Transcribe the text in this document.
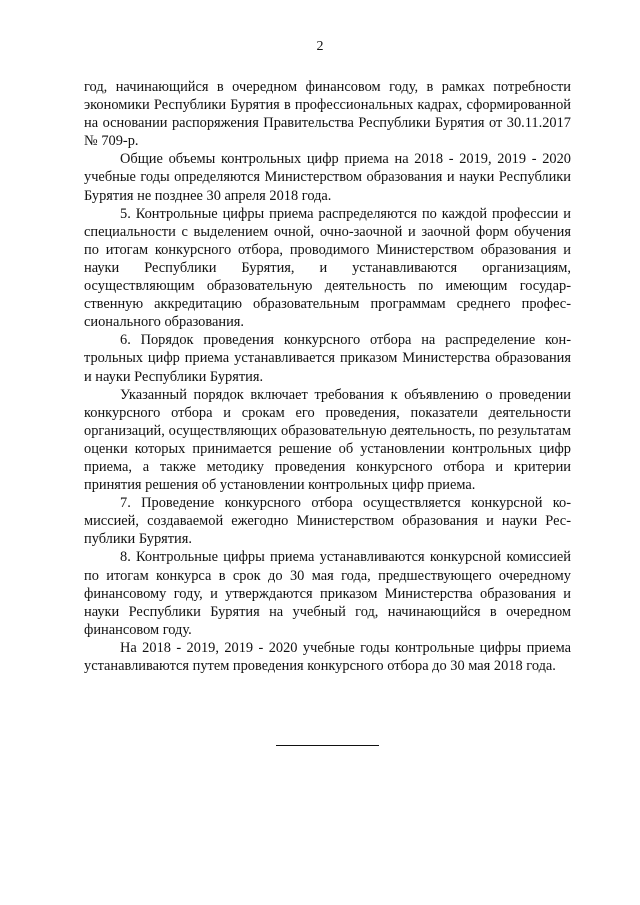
2

год, начинающийся в очередном финансовом году, в рамках потребности экономики Республики Бурятия в профессиональных кадрах, сформированной на основании распоряжения Правительства Республики Бурятия от 30.11.2017 № 709-р.

Общие объемы контрольных цифр приема на 2018 - 2019, 2019 - 2020 учебные годы определяются Министерством образования и науки Республики Бурятия не позднее 30 апреля 2018 года.

5. Контрольные цифры приема распределяются по каждой профессии и специальности с выделением очной, очно-заочной и заочной форм обучения по итогам конкурсного отбора, проводимого Министерством образования и науки Республики Бурятия, и устанавливаются организациям, осуществляющим образовательную деятельность по имеющим государственную аккредитацию образовательным программам среднего профессионального образования.

6. Порядок проведения конкурсного отбора на распределение контрольных цифр приема устанавливается приказом Министерства образования и науки Республики Бурятия.

Указанный порядок включает требования к объявлению о проведении конкурсного отбора и срокам его проведения, показатели деятельности организаций, осуществляющих образовательную деятельность, по результатам оценки которых принимается решение об установлении контрольных цифр приема, а также методику проведения конкурсного отбора и критерии принятия решения об установлении контрольных цифр приема.

7. Проведение конкурсного отбора осуществляется конкурсной комиссией, создаваемой ежегодно Министерством образования и науки Республики Бурятия.

8. Контрольные цифры приема устанавливаются конкурсной комиссией по итогам конкурса в срок до 30 мая года, предшествующего очередному финансовому году, и утверждаются приказом Министерства образования и науки Республики Бурятия на учебный год, начинающийся в очередном финансовом году.

На 2018 - 2019, 2019 - 2020 учебные годы контрольные цифры приема устанавливаются путем проведения конкурсного отбора до 30 мая 2018 года.
